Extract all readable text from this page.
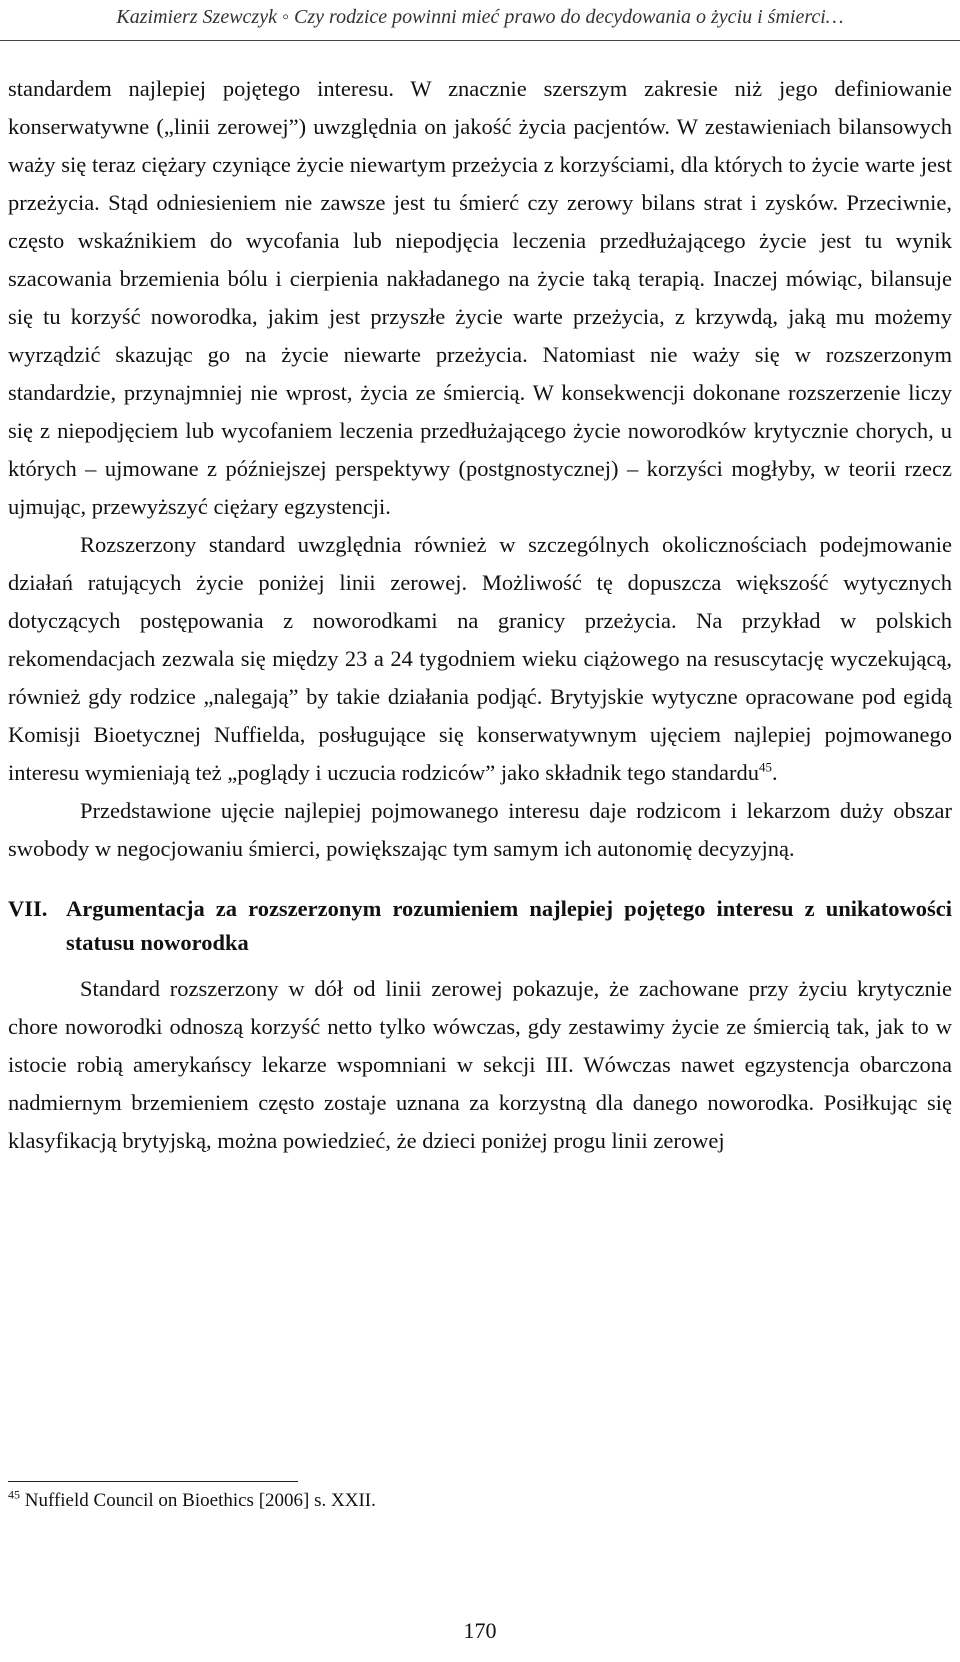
Kazimierz Szewczyk ◦ Czy rodzice powinni mieć prawo do decydowania o życiu i śmierci…

standardem najlepiej pojętego interesu. W znacznie szerszym zakresie niż jego definiowanie konserwatywne („linii zerowej”) uwzględnia on jakość życia pacjentów. W zestawieniach bilansowych waży się teraz ciężary czyniące życie niewartym przeżycia z korzyściami, dla których to życie warte jest przeżycia. Stąd odniesieniem nie zawsze jest tu śmierć czy zerowy bilans strat i zysków. Przeciwnie, często wskaźnikiem do wycofania lub niepodjęcia leczenia przedłużającego życie jest tu wynik szacowania brzemienia bólu i cierpienia nakładanego na życie taką terapią. Inaczej mówiąc, bilansuje się tu korzyść noworodka, jakim jest przyszłe życie warte przeżycia, z krzywdą, jaką mu możemy wyrządzić skazując go na życie niewarte przeżycia. Natomiast nie waży się w rozszerzonym standardzie, przynajmniej nie wprost, życia ze śmiercią. W konsekwencji dokonane rozszerzenie liczy się z niepodjęciem lub wycofaniem leczenia przedłużającego życie noworodków krytycznie chorych, u których – ujmowane z późniejszej perspektywy (postgnostycznej) – korzyści mogłyby, w teorii rzecz ujmując, przewyższyć ciężary egzystencji.

Rozszerzony standard uwzględnia również w szczególnych okolicznościach podejmowanie działań ratujących życie poniżej linii zerowej. Możliwość tę dopuszcza większość wytycznych dotyczących postępowania z noworodkami na granicy przeżycia. Na przykład w polskich rekomendacjach zezwala się między 23 a 24 tygodniem wieku ciążowego na resuscytację wyczekującą, również gdy rodzice „nalegają” by takie działania podjąć. Brytyjskie wytyczne opracowane pod egidą Komisji Bioetycznej Nuffielda, posługujące się konserwatywnym ujęciem najlepiej pojmowanego interesu wymieniają też „poglądy i uczucia rodziców” jako składnik tego standardu$^{45}$.

Przedstawione ujęcie najlepiej pojmowanego interesu daje rodzicom i lekarzom duży obszar swobody w negocjowaniu śmierci, powiększając tym samym ich autonomię decyzyjną.

VII. Argumentacja za rozszerzonym rozumieniem najlepiej pojętego interesu z unikatowości statusu noworodka

Standard rozszerzony w dół od linii zerowej pokazuje, że zachowane przy życiu krytycznie chore noworodki odnoszą korzyść netto tylko wówczas, gdy zestawimy życie ze śmiercią tak, jak to w istocie robią amerykańscy lekarze wspomniani w sekcji III. Wówczas nawet egzystencja obarczona nadmiernym brzemieniem często zostaje uznana za korzystną dla danego noworodka. Posiłkując się klasyfikacją brytyjską, można powiedzieć, że dzieci poniżej progu linii zerowej

$^{45}$ Nuffield Council on Bioethics [2006] s. XXII.
170
